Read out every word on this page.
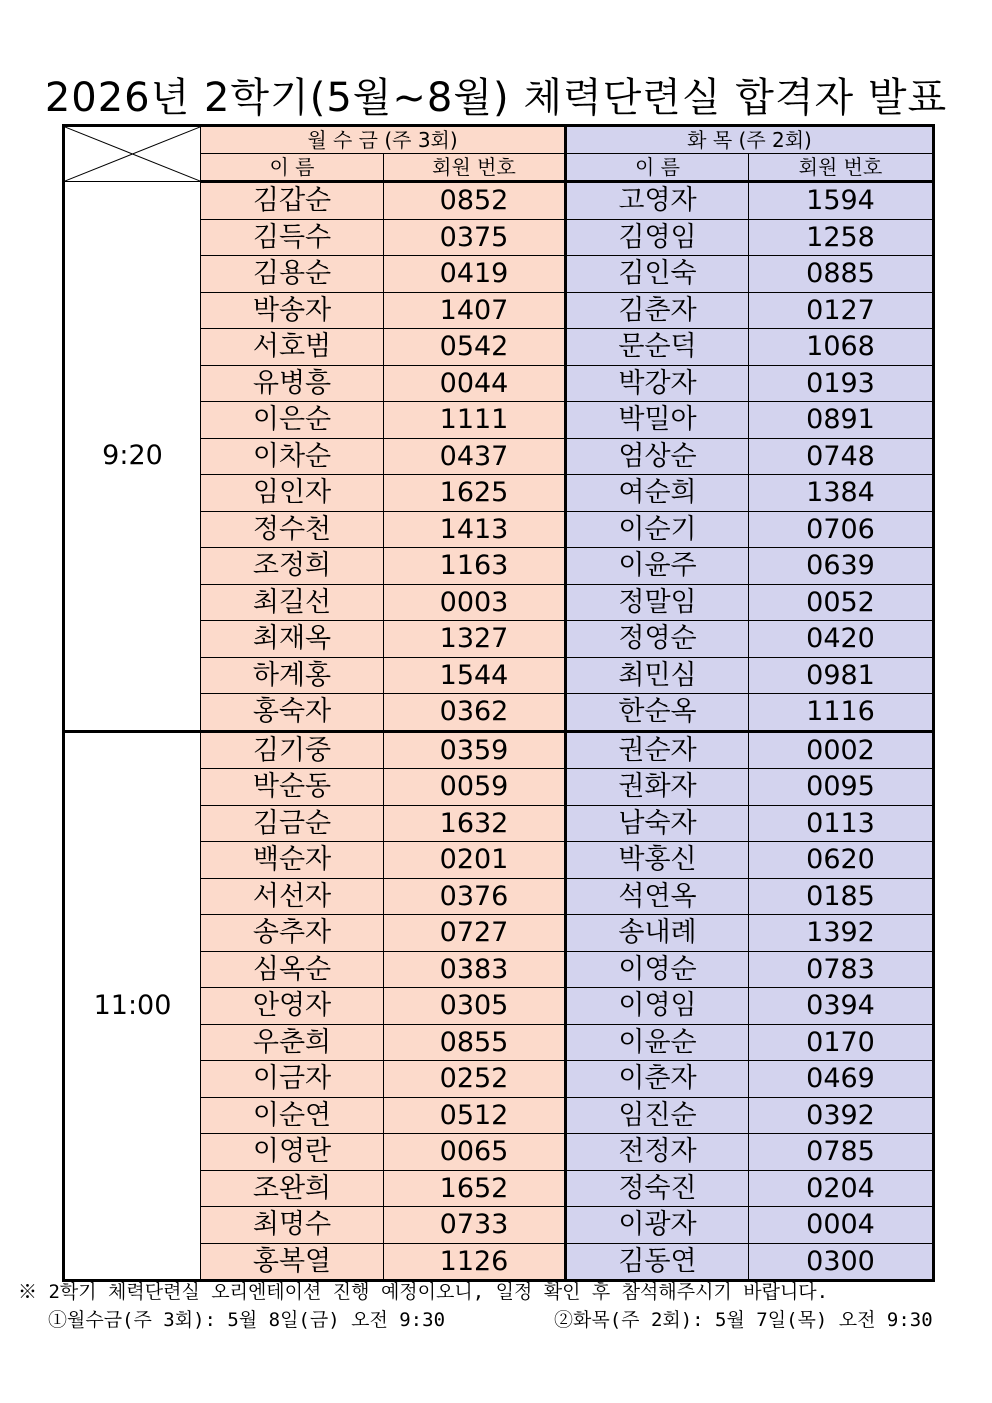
2026년 2학기(5월~8월) 체력단련실 합격자 발표
	월 수 금 (주 3회)		화 목 (주 2회)	
	이 름	회원 번호	이 름	회원 번호
9:20	김갑순	0852	고영자	1594
	김득수	0375	김영임	1258
	김용순	0419	김인숙	0885
	박송자	1407	김춘자	0127
	서호범	0542	문순덕	1068
	유병흥	0044	박강자	0193
	이은순	1111	박밀아	0891
	이차순	0437	엄상순	0748
	임인자	1625	여순희	1384
	정수천	1413	이순기	0706
	조정희	1163	이윤주	0639
	최길선	0003	정말임	0052
	최재옥	1327	정영순	0420
	하계홍	1544	최민심	0981
	홍숙자	0362	한순옥	1116
11:00	김기중	0359	권순자	0002
	박순동	0059	권화자	0095
	김금순	1632	남숙자	0113
	백순자	0201	박홍신	0620
	서선자	0376	석연옥	0185
	송추자	0727	송내례	1392
	심옥순	0383	이영순	0783
	안영자	0305	이영임	0394
	우춘희	0855	이윤순	0170
	이금자	0252	이춘자	0469
	이순연	0512	임진순	0392
	이영란	0065	전정자	0785
	조완희	1652	정숙진	0204
	최명수	0733	이광자	0004
	홍복열	1126	김동연	0300
※ 2학기 체력단련실 오리엔테이션 진행 예정이오니, 일정 확인 후 참석해주시기 바랍니다.
①월수금(주 3회): 5월 8일(금) 오전 9:30	②화목(주 2회): 5월 7일(목) 오전 9:30
